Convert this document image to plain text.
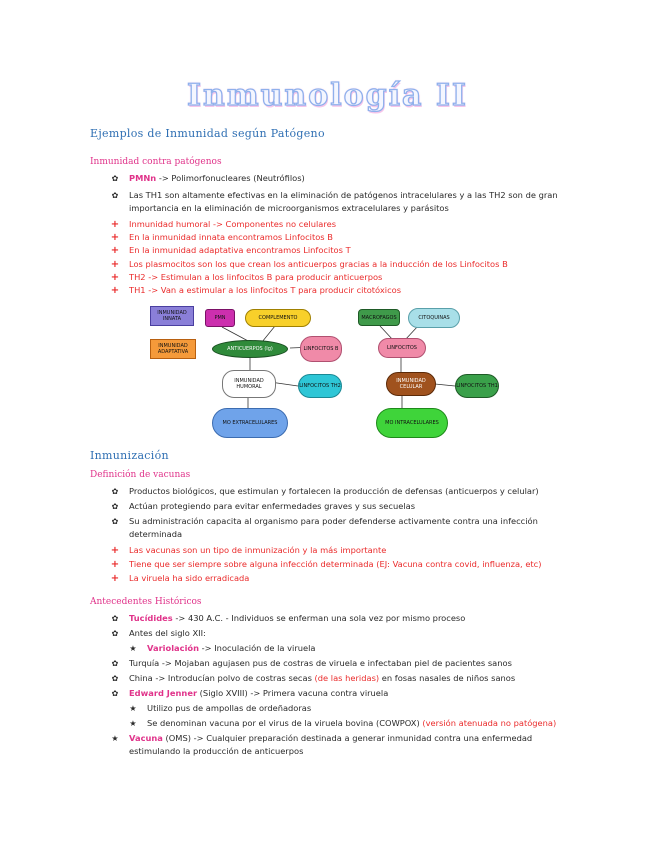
Inmunología II
Ejemplos de Inmunidad según Patógeno
Inmunidad contra patógenos
✿ PMNn -> Polimorfonucleares (Neutrófilos)
✿ Las TH1 son altamente efectivas en la eliminación de patógenos intracelulares y a las TH2 son de gran importancia en la eliminación de microorganismos extracelulares y parásitos
+ Inmunidad humoral -> Componentes no celulares
+ En la inmunidad innata encontramos Linfocitos B
+ En la inmunidad adaptativa encontramos Linfocitos T
+ Los plasmocitos son los que crean los anticuerpos gracias a la inducción de los Linfocitos B
+ TH2 -> Estimulan a los linfocitos B para producir anticuerpos
+ TH1 -> Van a estimular a los linfocitos T para producir citotóxicos
INMUNIDAD INNATA
INMUNIDAD ADAPTATIVA
PMN	COMPLEMENTO
ANTICUERPOS (Ig)	LINFOCITOS B
INMUNIDAD HUMORAL	LINFOCITOS TH2
MO EXTRACELULARES
MACROFAGOS	CITOQUINAS
LINFOCITOS
INMUNIDAD CELULAR	LINFOCITOS TH1
MO INTRACELULARES
Inmunización
Definición de vacunas
✿ Productos biológicos, que estimulan y fortalecen la producción de defensas (anticuerpos y celular)
✿ Actúan protegiendo para evitar enfermedades graves y sus secuelas
✿ Su administración capacita al organismo para poder defenderse activamente contra una infección determinada
+ Las vacunas son un tipo de inmunización y la más importante
+ Tiene que ser siempre sobre alguna infección determinada (EJ: Vacuna contra covid, influenza, etc)
+ La viruela ha sido erradicada
Antecedentes Históricos
✿ Tucídides -> 430 A.C. - Individuos se enferman una sola vez por mismo proceso
✿ Antes del siglo XII:
★ Variolación -> Inoculación de la viruela
✿ Turquía -> Mojaban agujasen pus de costras de viruela e infectaban piel de pacientes sanos
✿ China -> Introducían polvo de costras secas (de las heridas) en fosas nasales de niños sanos
✿ Edward Jenner (Siglo XVIII) -> Primera vacuna contra viruela
★ Utilizo pus de ampollas de ordeñadoras
★ Se denominan vacuna por el virus de la viruela bovina (COWPOX) (versión atenuada no patógena)
★ Vacuna (OMS) -> Cualquier preparación destinada a generar inmunidad contra una enfermedad estimulando la producción de anticuerpos
